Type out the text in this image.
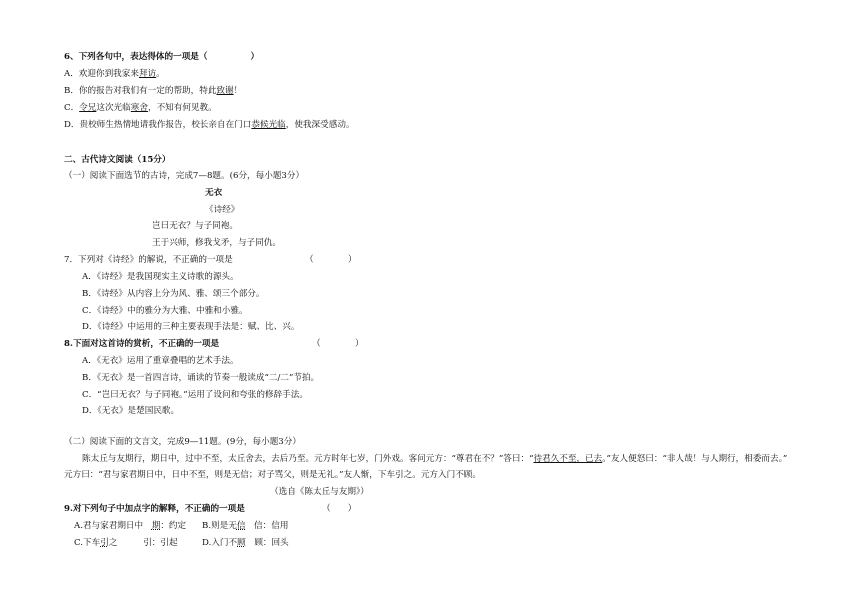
6、下列各句中，表达得体的一项是（　　　　　）
A．欢迎你到我家来拜访。
B．你的报告对我们有一定的帮助，特此致谢！
C．令兄这次光临寒舍，不知有何见教。
D．贵校师生热情地请我作报告，校长亲自在门口恭候光临，使我深受感动。
二、古代诗文阅读（15分）
（一）阅读下面选节的古诗，完成7—8题。(6分，每小题3分）
无衣
《诗经》
岂曰无衣？与子同袍。
王于兴师，修我戈矛，与子同仇。
7．下列对《诗经》的解说，不正确的一项是	（　　　　）
A．《诗经》是我国现实主义诗歌的源头。
B．《诗经》从内容上分为风、雅、颂三个部分。
C．《诗经》中的雅分为大雅、中雅和小雅。
D．《诗经》中运用的三种主要表现手法是：赋、比、兴。
8.下面对这首诗的赏析，不正确的一项是	（　　　　）
A．《无衣》运用了重章叠唱的艺术手法。
B．《无衣》是一首四言诗，诵读的节奏一般读成“二/二”节拍。
C．“岂曰无衣？与子同袍。”运用了设问和夸张的修辞手法。
D．《无衣》是楚国民歌。
（二）阅读下面的文言文，完成9—11题。(9分，每小题3分）
陈太丘与友期行，期日中，过中不至，太丘舍去，去后乃至。元方时年七岁，门外戏。客问元方：“尊君在不？”答曰：“待君久不至，已去。”友人便怒曰：“非人哉！与人期行，相委而去。”
元方曰：“君与家君期日中，日中不至，则是无信；对子骂父，则是无礼。”友人惭，下车引之。元方入门不顾。
（选自《陈太丘与友期》）
9.对下列句子中加点字的解释，不正确的一项是	（　　）
A.君与家君期日中　期：约定 B.则是无信　信：信用
C.下车引之　　　引：引起	D.入门不顾　顾：回头
